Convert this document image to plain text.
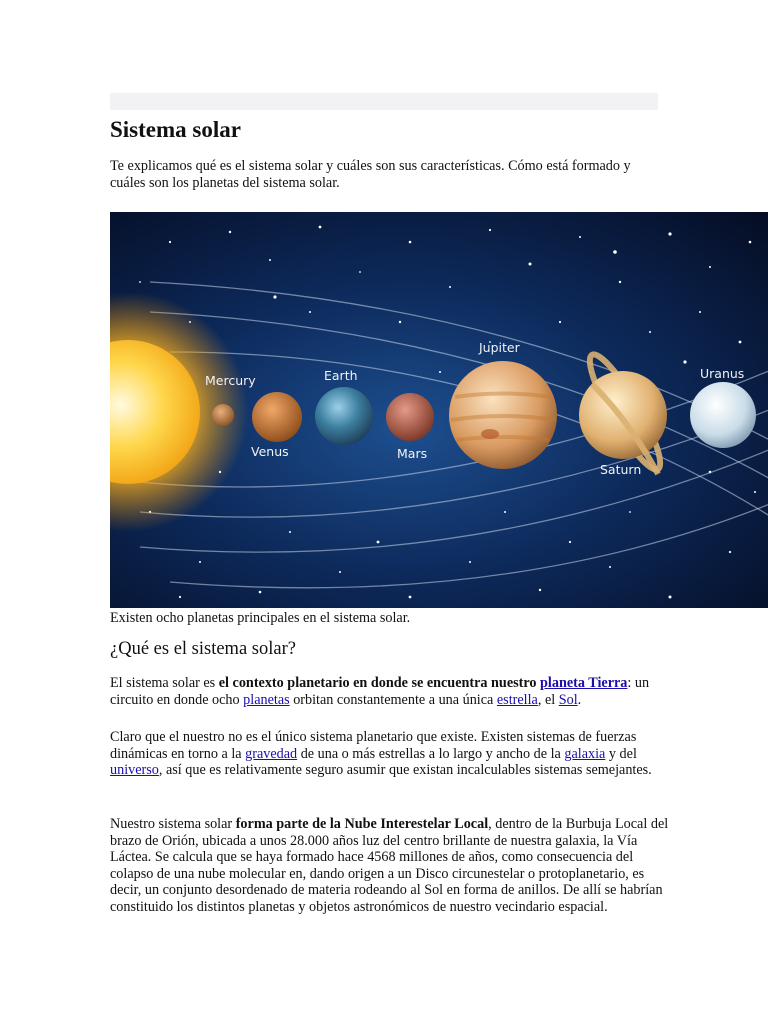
Sistema solar

Te explicamos qué es el sistema solar y cuáles son sus características. Cómo está formado y cuáles son los planetas del sistema solar.

Mercury
Venus
Earth
Mars
Jupiter
Saturn
Uranus
Existen ocho planetas principales en el sistema solar.
¿Qué es el sistema solar?

El sistema solar es el contexto planetario en donde se encuentra nuestro planeta Tierra: un circuito en donde ocho planetas orbitan constantemente a una única estrella, el Sol.

Claro que el nuestro no es el único sistema planetario que existe. Existen sistemas de fuerzas dinámicas en torno a la gravedad de una o más estrellas a lo largo y ancho de la galaxia y del universo, así que es relativamente seguro asumir que existan incalculables sistemas semejantes.

Nuestro sistema solar forma parte de la Nube Interestelar Local, dentro de la Burbuja Local del brazo de Orión, ubicada a unos 28.000 años luz del centro brillante de nuestra galaxia, la Vía Láctea. Se calcula que se haya formado hace 4568 millones de años, como consecuencia del colapso de una nube molecular en, dando origen a un Disco circunestelar o protoplanetario, es decir, un conjunto desordenado de materia rodeando al Sol en forma de anillos. De allí se habrían constituido los distintos planetas y objetos astronómicos de nuestro vecindario espacial.
